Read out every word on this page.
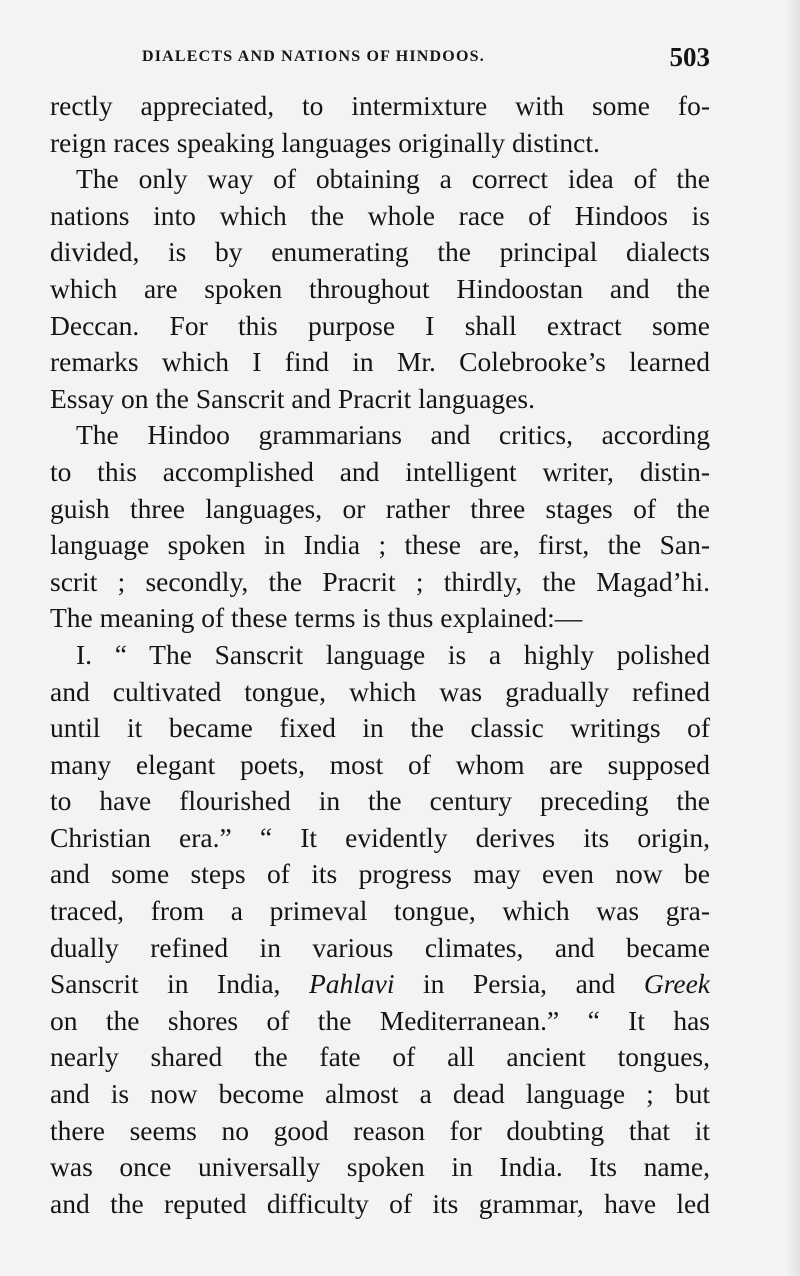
DIALECTS AND NATIONS OF HINDOOS.	503
rectly appreciated, to intermixture with some fo-
reign races speaking languages originally distinct.
The only way of obtaining a correct idea of the
nations into which the whole race of Hindoos is
divided, is by enumerating the principal dialects
which are spoken throughout Hindoostan and the
Deccan. For this purpose I shall extract some
remarks which I find in Mr. Colebrooke’s learned
Essay on the Sanscrit and Pracrit languages.
The Hindoo grammarians and critics, according
to this accomplished and intelligent writer, distin-
guish three languages, or rather three stages of the
language spoken in India ; these are, first, the San-
scrit ; secondly, the Pracrit ; thirdly, the Magad’hi.
The meaning of these terms is thus explained:—
I. “ The Sanscrit language is a highly polished
and cultivated tongue, which was gradually refined
until it became fixed in the classic writings of
many elegant poets, most of whom are supposed
to have flourished in the century preceding the
Christian era.” “ It evidently derives its origin,
and some steps of its progress may even now be
traced, from a primeval tongue, which was gra-
dually refined in various climates, and became
Sanscrit in India, Pahlavi in Persia, and Greek
on the shores of the Mediterranean.” “ It has
nearly shared the fate of all ancient tongues,
and is now become almost a dead language ; but
there seems no good reason for doubting that it
was once universally spoken in India. Its name,
and the reputed difficulty of its grammar, have led
